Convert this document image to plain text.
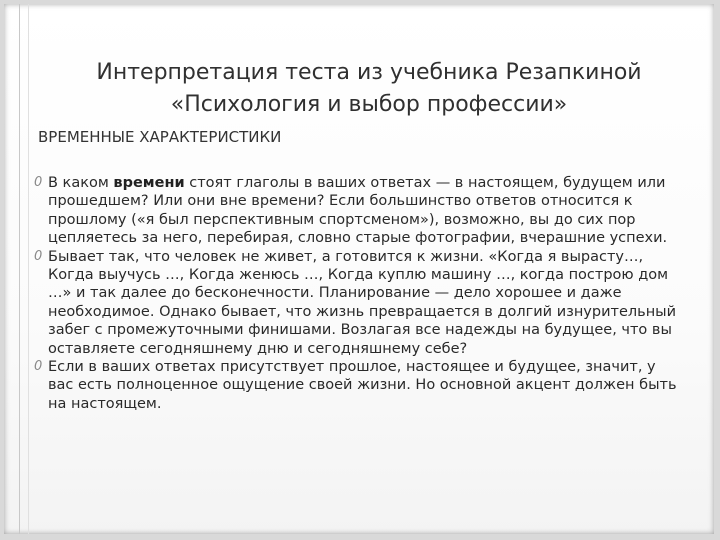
Интерпретация теста из учебника Резапкиной
«Психология и выбор профессии»
ВРЕМЕННЫЕ ХАРАКТЕРИСТИКИ
0 В каком времени стоят глаголы в ваших ответах — в настоящем, будущем или прошедшем? Или они вне времени? Если большинство ответов относится к прошлому («я был перспективным спортсменом»), возможно, вы до сих пор цепляетесь за него, перебирая, словно старые фотографии, вчерашние успехи.
0 Бывает так, что человек не живет, а готовится к жизни. «Когда я вырасту…, Когда выучусь …, Когда женюсь …, Когда куплю машину …, когда построю дом …» и так далее до бесконечности. Планирование — дело хорошее и даже необходимое. Однако бывает, что жизнь превращается в долгий изнурительный забег с промежуточными финишами. Возлагая все надежды на будущее, что вы оставляете сегодняшнему дню и сегодняшнему себе?
0 Если в ваших ответах присутствует прошлое, настоящее и будущее, значит, у вас есть полноценное ощущение своей жизни. Но основной акцент должен быть на настоящем.
